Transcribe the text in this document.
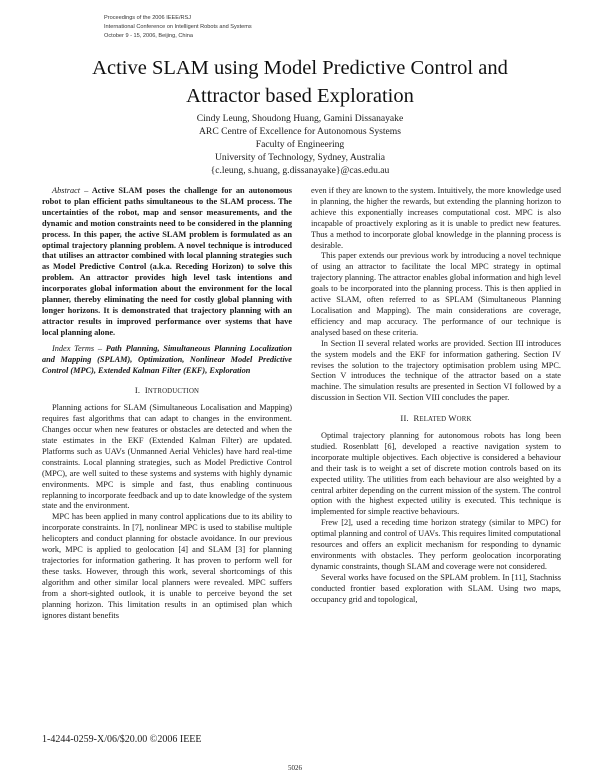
Proceedings of the 2006 IEEE/RSJ
International Conference on Intelligent Robots and Systems
October 9 - 15, 2006, Beijing, China
Active SLAM using Model Predictive Control and
Attractor based Exploration
Cindy Leung, Shoudong Huang, Gamini Dissanayake
ARC Centre of Excellence for Autonomous Systems
Faculty of Engineering
University of Technology, Sydney, Australia
{c.leung, s.huang, g.dissanayake}@cas.edu.au

Abstract – Active SLAM poses the challenge for an autonomous robot to plan efficient paths simultaneous to the SLAM process. The uncertainties of the robot, map and sensor measurements, and the dynamic and motion constraints need to be considered in the planning process. In this paper, the active SLAM problem is formulated as an optimal trajectory planning problem. A novel technique is introduced that utilises an attractor combined with local planning strategies such as Model Predictive Control (a.k.a. Receding Horizon) to solve this problem. An attractor provides high level task intentions and incorporates global information about the environment for the local planner, thereby eliminating the need for costly global planning with longer horizons. It is demonstrated that trajectory planning with an attractor results in improved performance over systems that have local planning alone.

Index Terms – Path Planning, Simultaneous Planning Localization and Mapping (SPLAM), Optimization, Nonlinear Model Predictive Control (MPC), Extended Kalman Filter (EKF), Exploration

I. INTRODUCTION

Planning actions for SLAM (Simultaneous Localisation and Mapping) requires fast algorithms that can adapt to changes in the environment. Changes occur when new features or obstacles are detected and when the state estimates in the EKF (Extended Kalman Filter) are updated. Platforms such as UAVs (Unmanned Aerial Vehicles) have hard real-time constraints. Local planning strategies, such as Model Predictive Control (MPC), are well suited to these systems and systems with highly dynamic environments. MPC is simple and fast, thus enabling continuous replanning to incorporate feedback and up to date knowledge of the system state and the environment.

MPC has been applied in many control applications due to its ability to incorporate constraints. In [7], nonlinear MPC is used to stabilise multiple helicopters and conduct planning for obstacle avoidance. In our previous work, MPC is applied to geolocation [4] and SLAM [3] for planning trajectories for information gathering. It has proven to perform well for these tasks. However, through this work, several shortcomings of this algorithm and other similar local planners were revealed. MPC suffers from a short-sighted outlook, it is unable to perceive beyond the set planning horizon. This limitation results in an optimised plan which ignores distant benefits

even if they are known to the system. Intuitively, the more knowledge used in planning, the higher the rewards, but extending the planning horizon to achieve this exponentially increases computational cost. MPC is also incapable of proactively exploring as it is unable to predict new features. Thus a method to incorporate global knowledge in the planning process is desirable.

This paper extends our previous work by introducing a novel technique of using an attractor to facilitate the local MPC strategy in optimal trajectory planning. The attractor enables global information and high level goals to be incorporated into the planning process. This is then applied in active SLAM, often referred to as SPLAM (Simultaneous Planning Localisation and Mapping). The main considerations are coverage, efficiency and map accuracy. The performance of our technique is analysed based on these criteria.

In Section II several related works are provided. Section III introduces the system models and the EKF for information gathering. Section IV revises the solution to the trajectory optimisation problem using MPC. Section V introduces the technique of the attractor based on a state machine. The simulation results are presented in Section VI followed by a discussion in Section VII. Section VIII concludes the paper.

II. RELATED WORK

Optimal trajectory planning for autonomous robots has long been studied. Rosenblatt [6], developed a reactive navigation system to incorporate multiple objectives. Each objective is considered a behaviour and their task is to weight a set of discrete motion controls based on its expected utility. The utilities from each behaviour are also weighted by a central arbiter depending on the current mission of the system. The control option with the highest expected utility is executed. This technique is implemented for simple reactive behaviours.

Frew [2], used a receding time horizon strategy (similar to MPC) for optimal planning and control of UAVs. This requires limited computational resources and offers an explicit mechanism for responding to dynamic environments with obstacles. They perform geolocation incorporating dynamic constraints, though SLAM and coverage were not considered.

Several works have focused on the SPLAM problem. In [11], Stachniss conducted frontier based exploration with SLAM. Using two maps, occupancy grid and topological,

1-4244-0259-X/06/$20.00 ©2006 IEEE
5026
